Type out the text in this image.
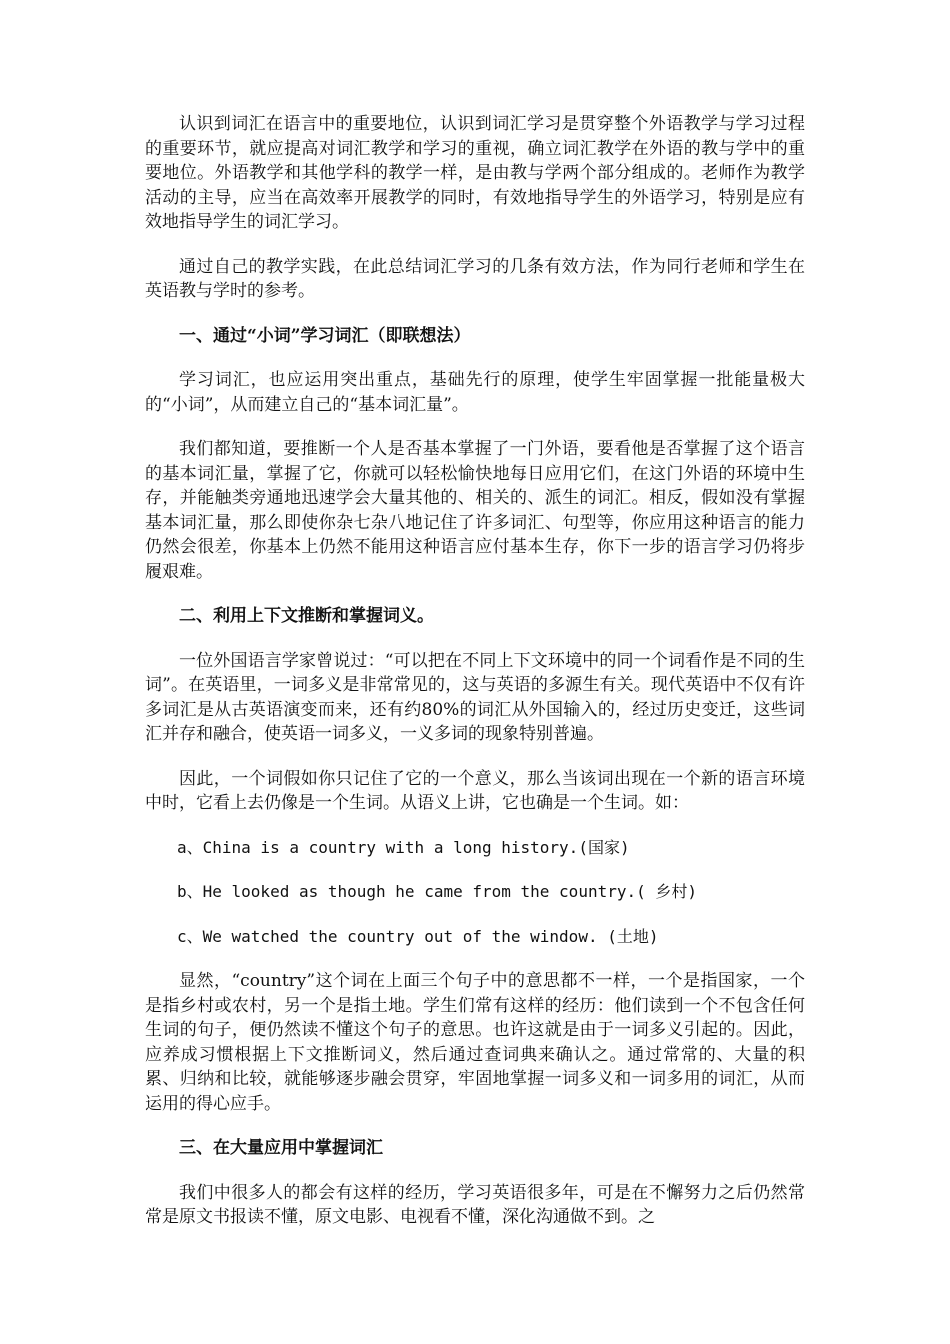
认识到词汇在语言中的重要地位，认识到词汇学习是贯穿整个外语教学与学习过程的重要环节，就应提高对词汇教学和学习的重视，确立词汇教学在外语的教与学中的重要地位。外语教学和其他学科的教学一样，是由教与学两个部分组成的。老师作为教学活动的主导，应当在高效率开展教学的同时，有效地指导学生的外语学习，特别是应有效地指导学生的词汇学习。

通过自己的教学实践，在此总结词汇学习的几条有效方法，作为同行老师和学生在英语教与学时的参考。

一、通过“小词”学习词汇（即联想法）

学习词汇，也应运用突出重点，基础先行的原理，使学生牢固掌握一批能量极大的“小词”，从而建立自己的“基本词汇量”。

我们都知道，要推断一个人是否基本掌握了一门外语，要看他是否掌握了这个语言的基本词汇量，掌握了它，你就可以轻松愉快地每日应用它们，在这门外语的环境中生存，并能触类旁通地迅速学会大量其他的、相关的、派生的词汇。相反，假如没有掌握基本词汇量，那么即使你杂七杂八地记住了许多词汇、句型等，你应用这种语言的能力仍然会很差，你基本上仍然不能用这种语言应付基本生存，你下一步的语言学习仍将步履艰难。

二、利用上下文推断和掌握词义。

一位外国语言学家曾说过：“可以把在不同上下文环境中的同一个词看作是不同的生词”。在英语里，一词多义是非常常见的，这与英语的多源生有关。现代英语中不仅有许多词汇是从古英语演变而来，还有约80%的词汇从外国输入的，经过历史变迁，这些词汇并存和融合，使英语一词多义，一义多词的现象特别普遍。

因此，一个词假如你只记住了它的一个意义，那么当该词出现在一个新的语言环境中时，它看上去仍像是一个生词。从语义上讲，它也确是一个生词。如：

a、China is a country with a long history.(国家)

b、He looked as though he came from the country.( 乡村)

c、We watched the country out of the window. (土地)

显然，“country”这个词在上面三个句子中的意思都不一样，一个是指国家，一个是指乡村或农村，另一个是指土地。学生们常有这样的经历：他们读到一个不包含任何生词的句子，便仍然读不懂这个句子的意思。也许这就是由于一词多义引起的。因此，应养成习惯根据上下文推断词义，然后通过查词典来确认之。通过常常的、大量的积累、归纳和比较，就能够逐步融会贯穿，牢固地掌握一词多义和一词多用的词汇，从而运用的得心应手。

三、在大量应用中掌握词汇

我们中很多人的都会有这样的经历，学习英语很多年，可是在不懈努力之后仍然常常是原文书报读不懂，原文电影、电视看不懂，深化沟通做不到。之
